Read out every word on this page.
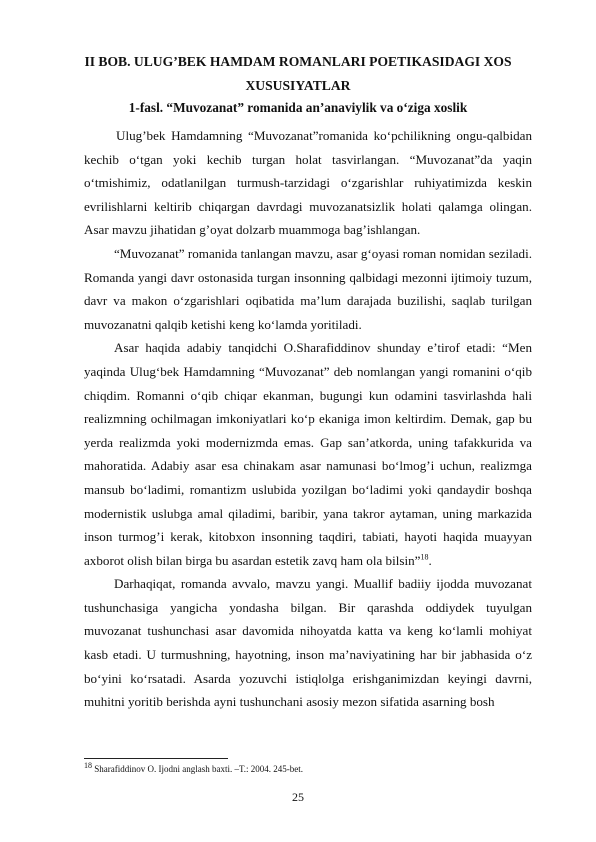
II BOB. ULUG’BEK HAMDAM ROMANLARI POETIKASIDAGI XOS
XUSUSIYATLAR
1-fasl. “Muvozanat” romanida an’anaviylik va o‘ziga xoslik

Ulug’bek Hamdamning “Muvozanat”romanida ko‘pchilikning ongu-qalbidan kechib o‘tgan yoki kechib turgan holat tasvirlangan. “Muvozanat”da yaqin o‘tmishimiz, odatlanilgan turmush-tarzidagi o‘zgarishlar ruhiyatimizda keskin evrilishlarni keltirib chiqargan davrdagi muvozanatsizlik holati qalamga olingan. Asar mavzu jihatidan g’oyat dolzarb muammoga bag’ishlangan.

“Muvozanat” romanida tanlangan mavzu, asar g‘oyasi roman nomidan seziladi. Romanda yangi davr ostonasida turgan insonning qalbidagi mezonni ijtimoiy tuzum, davr va makon o‘zgarishlari oqibatida ma’lum darajada buzilishi, saqlab turilgan muvozanatni qalqib ketishi keng ko‘lamda yoritiladi.

Asar haqida adabiy tanqidchi O.Sharafiddinov shunday e’tirof etadi: “Men yaqinda Ulug‘bek Hamdamning “Muvozanat” deb nomlangan yangi romanini o‘qib chiqdim. Romanni o‘qib chiqar ekanman, bugungi kun odamini tasvirlashda hali realizmning ochilmagan imkoniyatlari ko‘p ekaniga imon keltirdim. Demak, gap bu yerda realizmda yoki modernizmda emas. Gap san’atkorda, uning tafakkurida va mahoratida. Adabiy asar esa chinakam asar namunasi bo‘lmog’i uchun, realizmga mansub bo‘ladimi, romantizm uslubida yozilgan bo‘ladimi yoki qandaydir boshqa modernistik uslubga amal qiladimi, baribir, yana takror aytaman, uning markazida inson turmog’i kerak, kitobxon insonning taqdiri, tabiati, hayoti haqida muayyan axborot olish bilan birga bu asardan estetik zavq ham ola bilsin”$^{18}$.

Darhaqiqat, romanda avvalo, mavzu yangi. Muallif badiiy ijodda muvozanat tushunchasiga yangicha yondasha bilgan. Bir qarashda oddiydek tuyulgan muvozanat tushunchasi asar davomida nihoyatda katta va keng ko‘lamli mohiyat kasb etadi. U turmushning, hayotning, inson ma’naviyatining har bir jabhasida o‘z bo‘yini ko‘rsatadi. Asarda yozuvchi istiqlolga erishganimizdan keyingi davrni, muhitni yoritib berishda ayni tushunchani asosiy mezon sifatida asarning bosh

$^{18}$ Sharafiddinov O. Ijodni anglash baxti. –T.: 2004. 245-bet.
25
